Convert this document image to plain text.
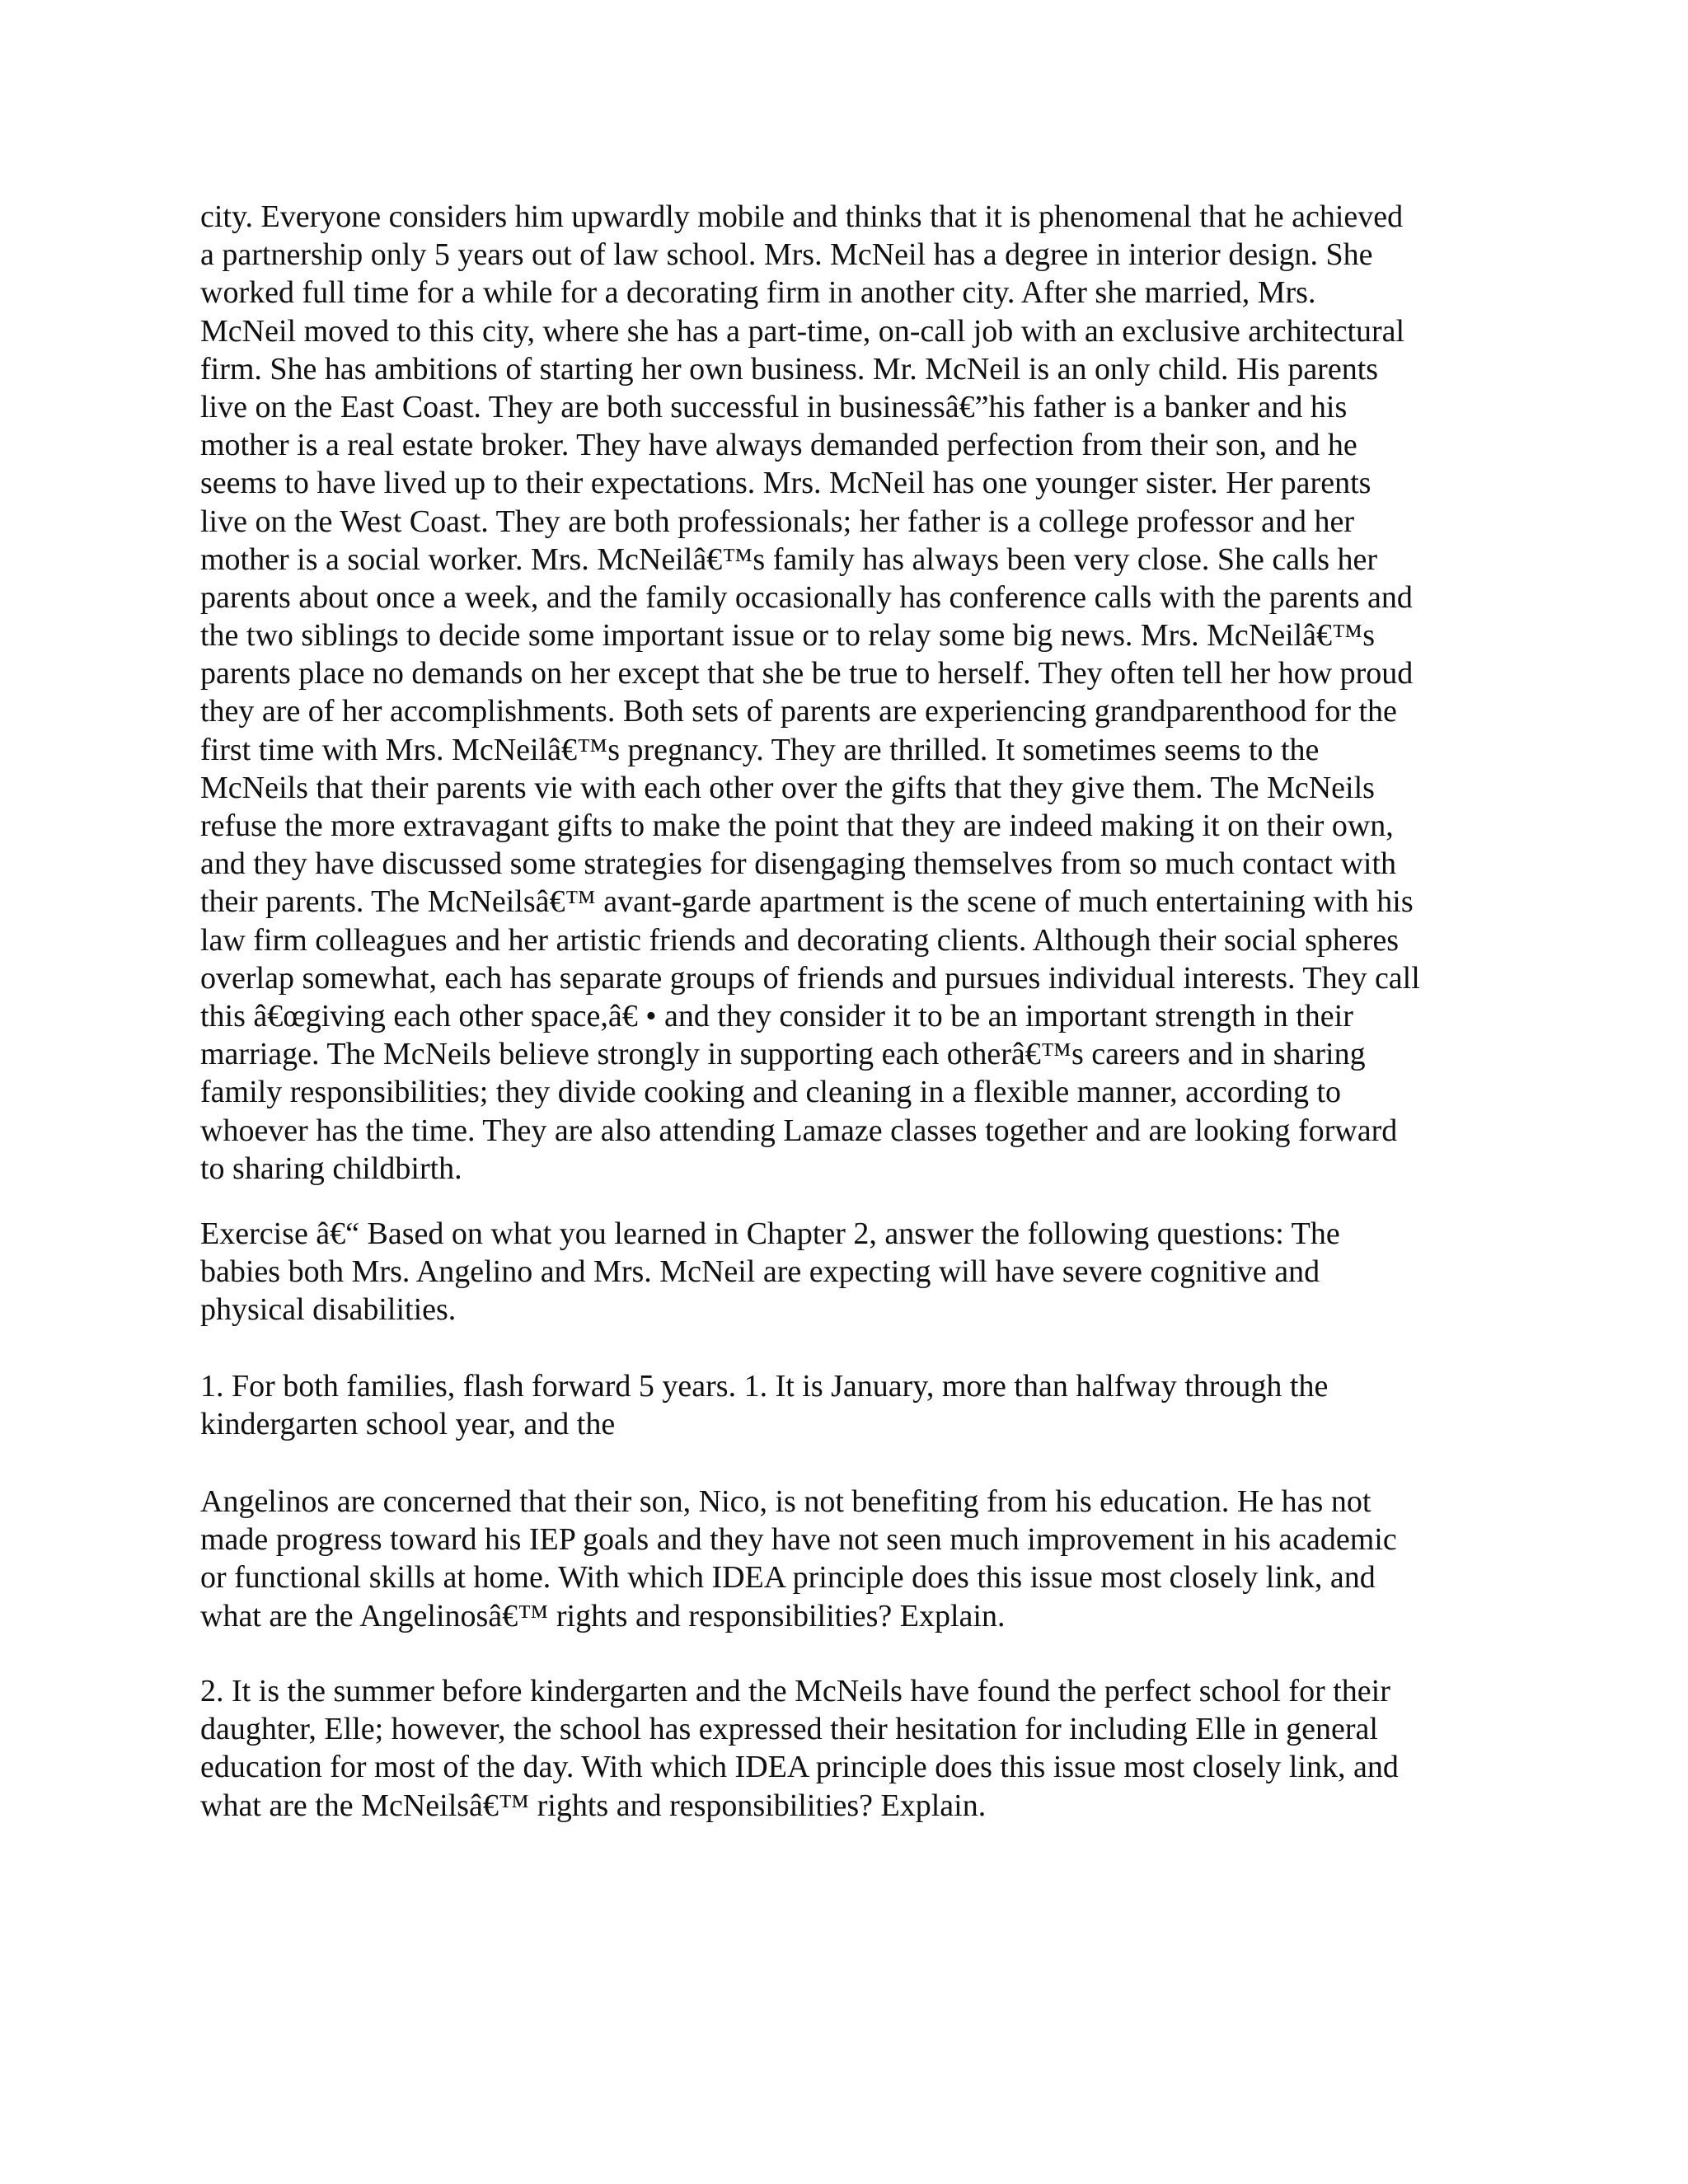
city. Everyone considers him upwardly mobile and thinks that it is phenomenal that he achieved
a partnership only 5 years out of law school. Mrs. McNeil has a degree in interior design. She
worked full time for a while for a decorating firm in another city. After she married, Mrs.
McNeil moved to this city, where she has a part-time, on-call job with an exclusive architectural
firm. She has ambitions of starting her own business. Mr. McNeil is an only child. His parents
live on the East Coast. They are both successful in businessâ€”his father is a banker and his
mother is a real estate broker. They have always demanded perfection from their son, and he
seems to have lived up to their expectations. Mrs. McNeil has one younger sister. Her parents
live on the West Coast. They are both professionals; her father is a college professor and her
mother is a social worker. Mrs. McNeilâ€™s family has always been very close. She calls her
parents about once a week, and the family occasionally has conference calls with the parents and
the two siblings to decide some important issue or to relay some big news. Mrs. McNeilâ€™s
parents place no demands on her except that she be true to herself. They often tell her how proud
they are of her accomplishments. Both sets of parents are experiencing grandparenthood for the
first time with Mrs. McNeilâ€™s pregnancy. They are thrilled. It sometimes seems to the
McNeils that their parents vie with each other over the gifts that they give them. The McNeils
refuse the more extravagant gifts to make the point that they are indeed making it on their own,
and they have discussed some strategies for disengaging themselves from so much contact with
their parents. The McNeilsâ€™ avant-garde apartment is the scene of much entertaining with his
law firm colleagues and her artistic friends and decorating clients. Although their social spheres
overlap somewhat, each has separate groups of friends and pursues individual interests. They call
this â€œgiving each other space,â€ • and they consider it to be an important strength in their
marriage. The McNeils believe strongly in supporting each otherâ€™s careers and in sharing
family responsibilities; they divide cooking and cleaning in a flexible manner, according to
whoever has the time. They are also attending Lamaze classes together and are looking forward
to sharing childbirth.
Exercise â€“ Based on what you learned in Chapter 2, answer the following questions: The
babies both Mrs. Angelino and Mrs. McNeil are expecting will have severe cognitive and
physical disabilities.
1. For both families, flash forward 5 years. 1. It is January, more than halfway through the
kindergarten school year, and the
Angelinos are concerned that their son, Nico, is not benefiting from his education. He has not
made progress toward his IEP goals and they have not seen much improvement in his academic
or functional skills at home. With which IDEA principle does this issue most closely link, and
what are the Angelinosâ€™ rights and responsibilities? Explain.
2. It is the summer before kindergarten and the McNeils have found the perfect school for their
daughter, Elle; however, the school has expressed their hesitation for including Elle in general
education for most of the day. With which IDEA principle does this issue most closely link, and
what are the McNeilsâ€™ rights and responsibilities? Explain.
